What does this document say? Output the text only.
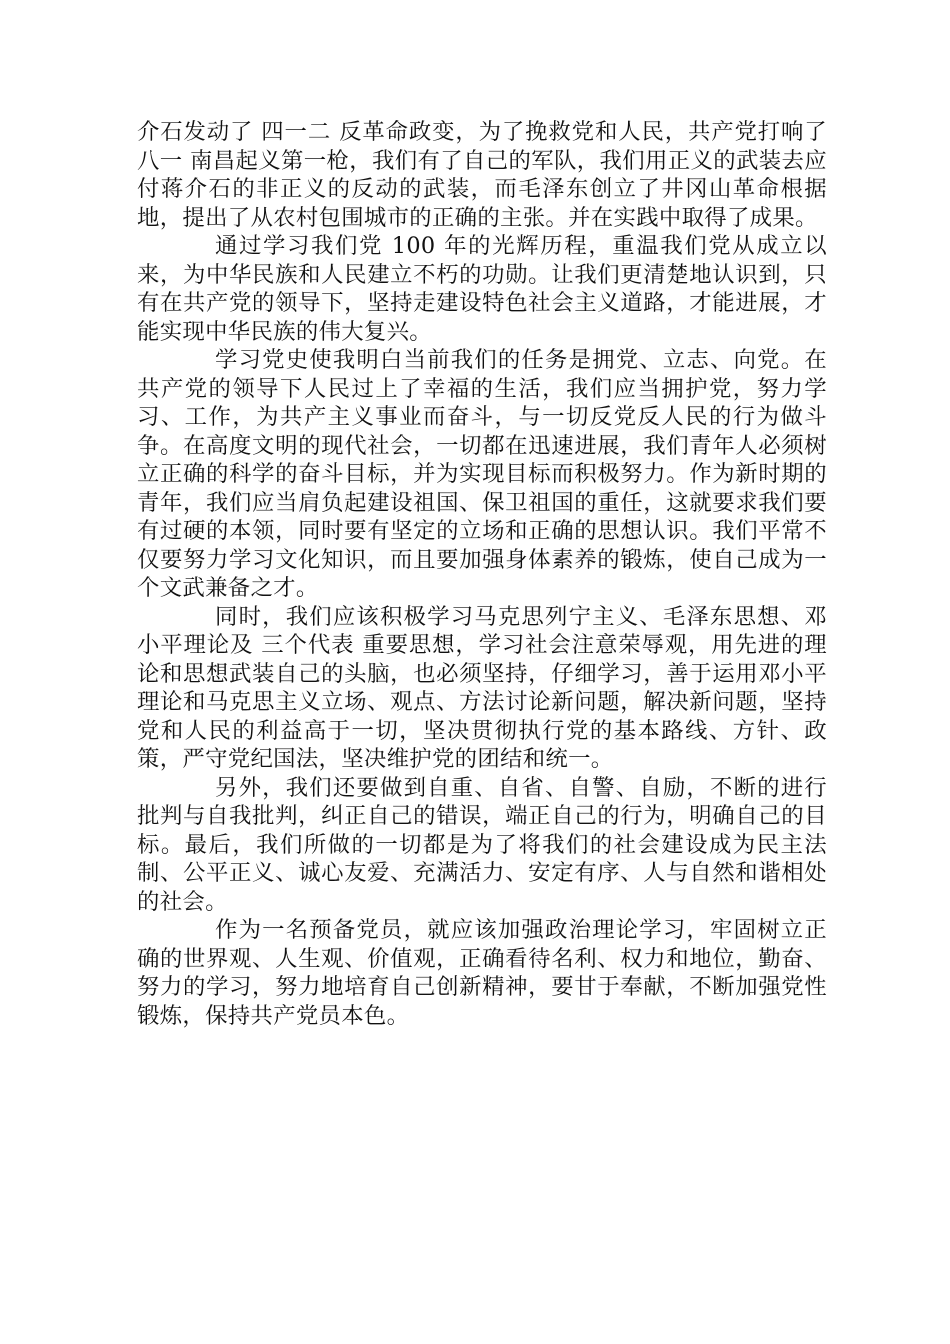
介石发动了 四一二 反革命政变，为了挽救党和人民，共产党打响了 八一 南昌起义第一枪，我们有了自己的军队，我们用正义的武装去应付蒋介石的非正义的反动的武装，而毛泽东创立了井冈山革命根据地，提出了从农村包围城市的正确的主张。并在实践中取得了成果。

通过学习我们党 100 年的光辉历程，重温我们党从成立以来，为中华民族和人民建立不朽的功勋。让我们更清楚地认识到，只有在共产党的领导下，坚持走建设特色社会主义道路，才能进展，才能实现中华民族的伟大复兴。

学习党史使我明白当前我们的任务是拥党、立志、向党。在共产党的领导下人民过上了幸福的生活，我们应当拥护党，努力学习、工作，为共产主义事业而奋斗，与一切反党反人民的行为做斗争。在高度文明的现代社会，一切都在迅速进展，我们青年人必须树立正确的科学的奋斗目标，并为实现目标而积极努力。作为新时期的青年，我们应当肩负起建设祖国、保卫祖国的重任，这就要求我们要有过硬的本领，同时要有坚定的立场和正确的思想认识。我们平常不仅要努力学习文化知识，而且要加强身体素养的锻炼，使自己成为一个文武兼备之才。

同时，我们应该积极学习马克思列宁主义、毛泽东思想、邓小平理论及 三个代表 重要思想，学习社会注意荣辱观，用先进的理论和思想武装自己的头脑，也必须坚持，仔细学习，善于运用邓小平理论和马克思主义立场、观点、方法讨论新问题，解决新问题，坚持党和人民的利益高于一切，坚决贯彻执行党的基本路线、方针、政策，严守党纪国法，坚决维护党的团结和统一。

另外，我们还要做到自重、自省、自警、自励，不断的进行批判与自我批判，纠正自己的错误，端正自己的行为，明确自己的目标。最后，我们所做的一切都是为了将我们的社会建设成为民主法制、公平正义、诚心友爱、充满活力、安定有序、人与自然和谐相处的社会。

作为一名预备党员，就应该加强政治理论学习，牢固树立正确的世界观、人生观、价值观，正确看待名利、权力和地位，勤奋、努力的学习，努力地培育自己创新精神，要甘于奉献，不断加强党性锻炼，保持共产党员本色。
